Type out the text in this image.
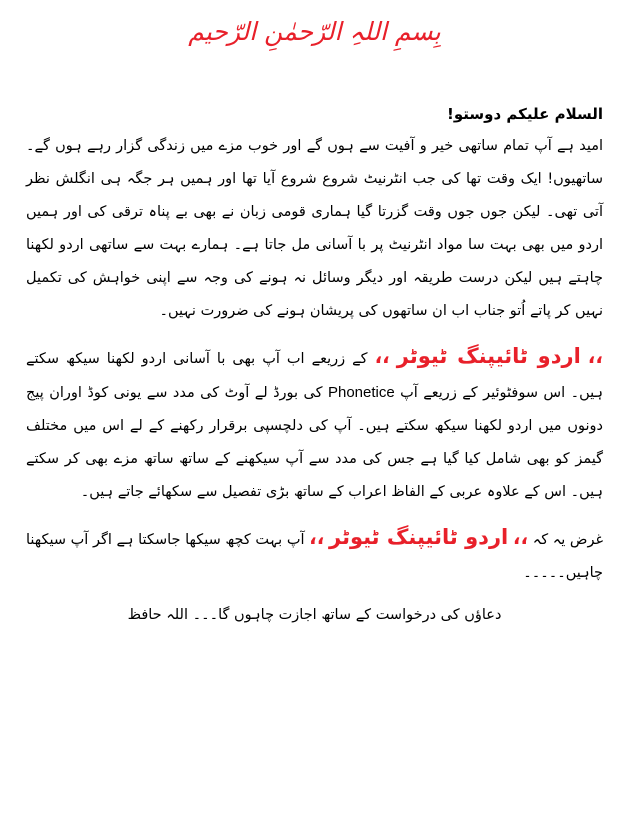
بِسمِ اللہِ الرّحمٰنِ الرّحیم

السلام علیکم دوستو!

امید ہے آپ تمام ساتھی خیر و آفیت سے ہوں گے اور خوب مزے میں زندگی گزار رہے ہوں گے۔ ساتھیوں! ایک وقت تھا کی جب انٹرنیٹ شروع شروع آیا تھا اور ہمیں ہر جگہ ہی انگلش نظر آتی تھی۔ لیکن جوں جوں وقت گزرتا گیا ہماری قومی زبان نے بھی بے پناہ ترقی کی اور ہمیں اردو میں بھی بہت سا مواد انٹرنیٹ پر با آسانی مل جاتا ہے۔ ہمارے بہت سے ساتھی اردو لکھنا چاہتے ہیں لیکن درست طریقہ اور دیگر وسائل نہ ہونے کی وجہ سے اپنی خواہش کی تکمیل نہیں کر پاتے اُتو جناب اب ان ساتھوں کی پریشان ہونے کی ضرورت نہیں۔

،، اردو ٹائیپنگ ٹیوٹر ،، کے زریعے اب آپ بھی با آسانی اردو لکھنا سیکھ سکتے ہیں۔ اس سوفٹوئیر کے زریعے آپ Phonetice کی بورڈ لے آوٹ کی مدد سے یونی کوڈ اوران پیج دونوں میں اردو لکھنا سیکھ سکتے ہیں۔ آپ کی دلچسپی برقرار رکھنے کے لے اس میں مختلف گیمز کو بھی شامل کیا گیا ہے جس کی مدد سے آپ سیکھنے کے ساتھ ساتھ مزے بھی کر سکتے ہیں۔ اس کے علاوہ عربی کے الفاظ اعراب کے ساتھ بڑی تفصیل سے سکھائے جاتے ہیں۔

غرض یہ کہ ،، اردو ٹائیپنگ ٹیوٹر ،، آپ بہت کچھ سیکھا جاسکتا ہے اگر آپ سیکھنا چاہیں۔۔۔۔۔

دعاؤں کی درخواست کے ساتھ اجازت چاہوں گا۔۔۔ اللہ حافظ
